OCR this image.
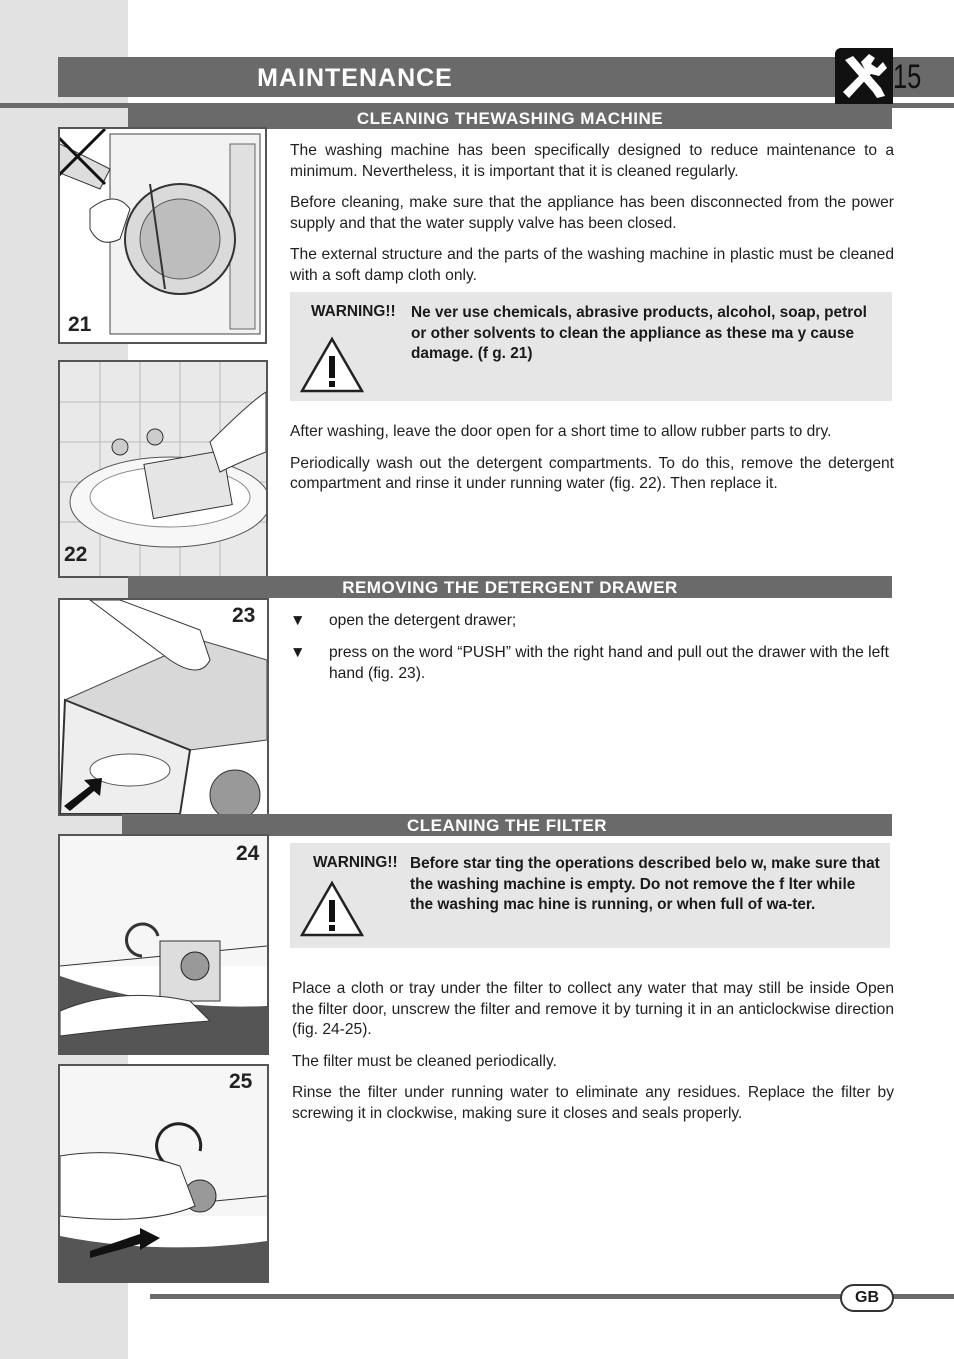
MAINTENANCE	15
CLEANING THEWASHING MACHINE
21
22

The washing machine has been specifically designed to reduce maintenance to a minimum. Nevertheless, it is important that it is cleaned regularly.

Before cleaning, make sure that the appliance has been disconnected from the power supply and that the water supply valve has been closed.

The external structure and the parts of the washing machine in plastic must be cleaned with a soft damp cloth only.

WARNING!! Ne ver use chemicals, abrasive products, alcohol, soap, petrol or other solvents to clean the appliance as these ma y cause damage. (f g. 21)

After washing, leave the door open for a short time to allow rubber parts to dry.

Periodically wash out the detergent compartments. To do this, remove the detergent compartment and rinse it under running water (fig. 22). Then replace it.

REMOVING THE DETERGENT DRAWER
23 ▼ open the detergent drawer;
▼ press on the word “PUSH” with the right hand and pull out the drawer with the left hand (fig. 23).
CLEANING THE FILTER
24
25
WARNING!! Before star ting the operations described belo w, make sure that the washing machine is empty. Do not remove the f lter while the washing mac hine is running, or when full of wa-ter.

Place a cloth or tray under the filter to collect any water that may still be inside Open the filter door, unscrew the filter and remove it by turning it in an anticlockwise direction (fig. 24-25).

The filter must be cleaned periodically.

Rinse the filter under running water to eliminate any residues. Replace the filter by screwing it in clockwise, making sure it closes and seals properly.

GB
